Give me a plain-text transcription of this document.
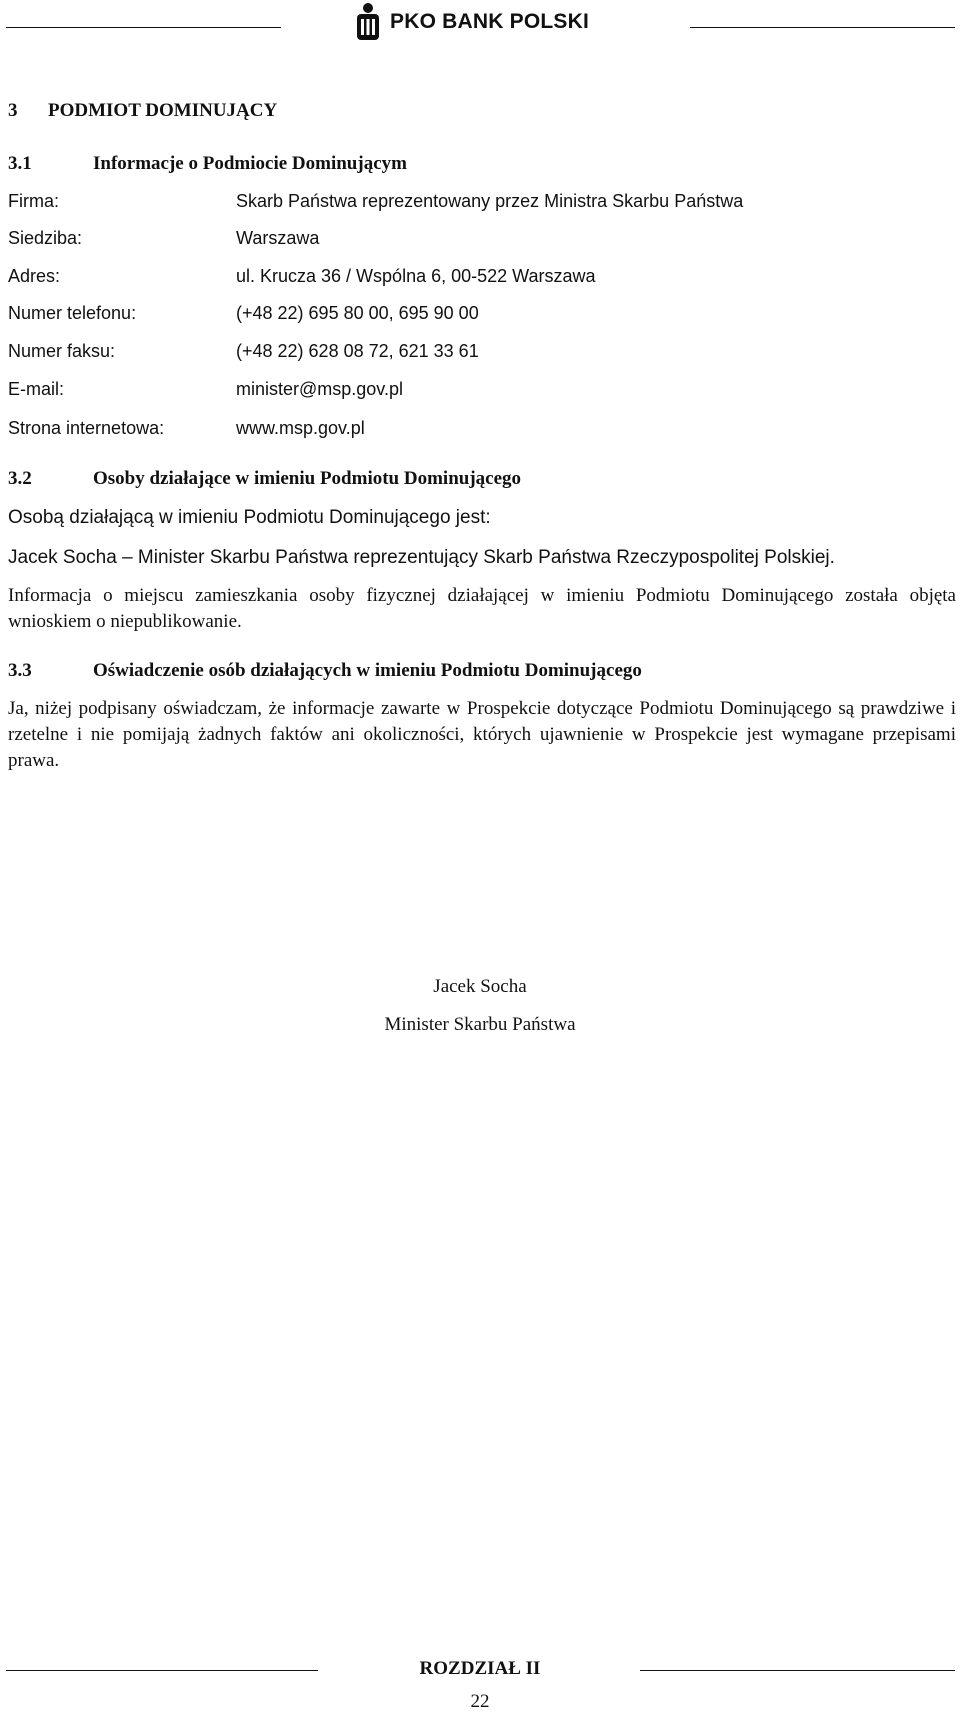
PKO BANK POLSKI
3 PODMIOT DOMINUJĄCY
3.1	Informacje o Podmiocie Dominującym
Firma:	Skarb Państwa reprezentowany przez Ministra Skarbu Państwa
Siedziba:	Warszawa
Adres:	ul. Krucza 36 / Wspólna 6, 00-522 Warszawa
Numer telefonu:	(+48 22) 695 80 00, 695 90 00
Numer faksu:	(+48 22) 628 08 72, 621 33 61
E-mail:	minister@msp.gov.pl
Strona internetowa:	www.msp.gov.pl
3.2	Osoby działające w imieniu Podmiotu Dominującego
Osobą działającą w imieniu Podmiotu Dominującego jest:
Jacek Socha – Minister Skarbu Państwa reprezentujący Skarb Państwa Rzeczypospolitej Polskiej.
Informacja o miejscu zamieszkania osoby fizycznej działającej w imieniu Podmiotu Dominującego została objęta wnioskiem o niepublikowanie.
3.3	Oświadczenie osób działających w imieniu Podmiotu Dominującego
Ja, niżej podpisany oświadczam, że informacje zawarte w Prospekcie dotyczące Podmiotu Dominującego są prawdziwe i rzetelne i nie pomijają żadnych faktów ani okoliczności, których ujawnienie w Prospekcie jest wymagane przepisami prawa.
Jacek Socha
Minister Skarbu Państwa
ROZDZIAŁ II
22
